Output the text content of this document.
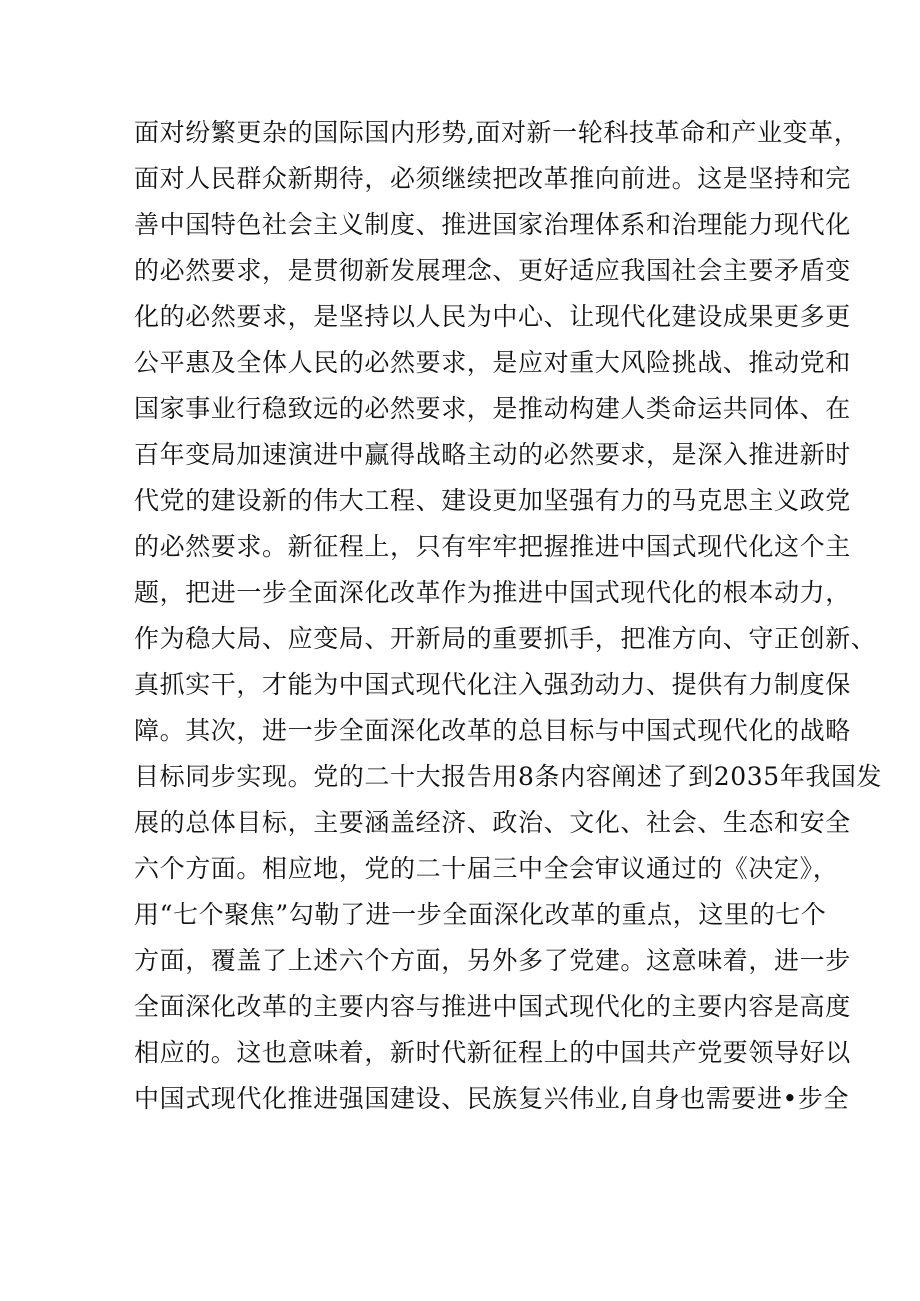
面对纷繁更杂的国际国内形势,面对新一轮科技革命和产业变革，
面对人民群众新期待，必须继续把改革推向前进。这是坚持和完
善中国特色社会主义制度、推进国家治理体系和治理能力现代化
的必然要求，是贯彻新发展理念、更好适应我国社会主要矛盾变
化的必然要求，是坚持以人民为中心、让现代化建设成果更多更
公平惠及全体人民的必然要求，是应对重大风险挑战、推动党和
国家事业行稳致远的必然要求，是推动构建人类命运共同体、在
百年变局加速演进中赢得战略主动的必然要求，是深入推进新时
代党的建设新的伟大工程、建设更加坚强有力的马克思主义政党
的必然要求。新征程上，只有牢牢把握推进中国式现代化这个主
题，把进一步全面深化改革作为推进中国式现代化的根本动力，
作为稳大局、应变局、开新局的重要抓手，把准方向、守正创新、
真抓实干，才能为中国式现代化注入强劲动力、提供有力制度保
障。其次，进一步全面深化改革的总目标与中国式现代化的战略
目标同步实现。党的二十大报告用8条内容阐述了到2035年我国发
展的总体目标，主要涵盖经济、政治、文化、社会、生态和安全
六个方面。相应地，党的二十届三中全会审议通过的《决定》，
用“七个聚焦”勾勒了进一步全面深化改革的重点，这里的七个
方面，覆盖了上述六个方面，另外多了党建。这意味着，进一步
全面深化改革的主要内容与推进中国式现代化的主要内容是高度
相应的。这也意味着，新时代新征程上的中国共产党要领导好以
中国式现代化推进强国建设、民族复兴伟业,自身也需要进•步全
